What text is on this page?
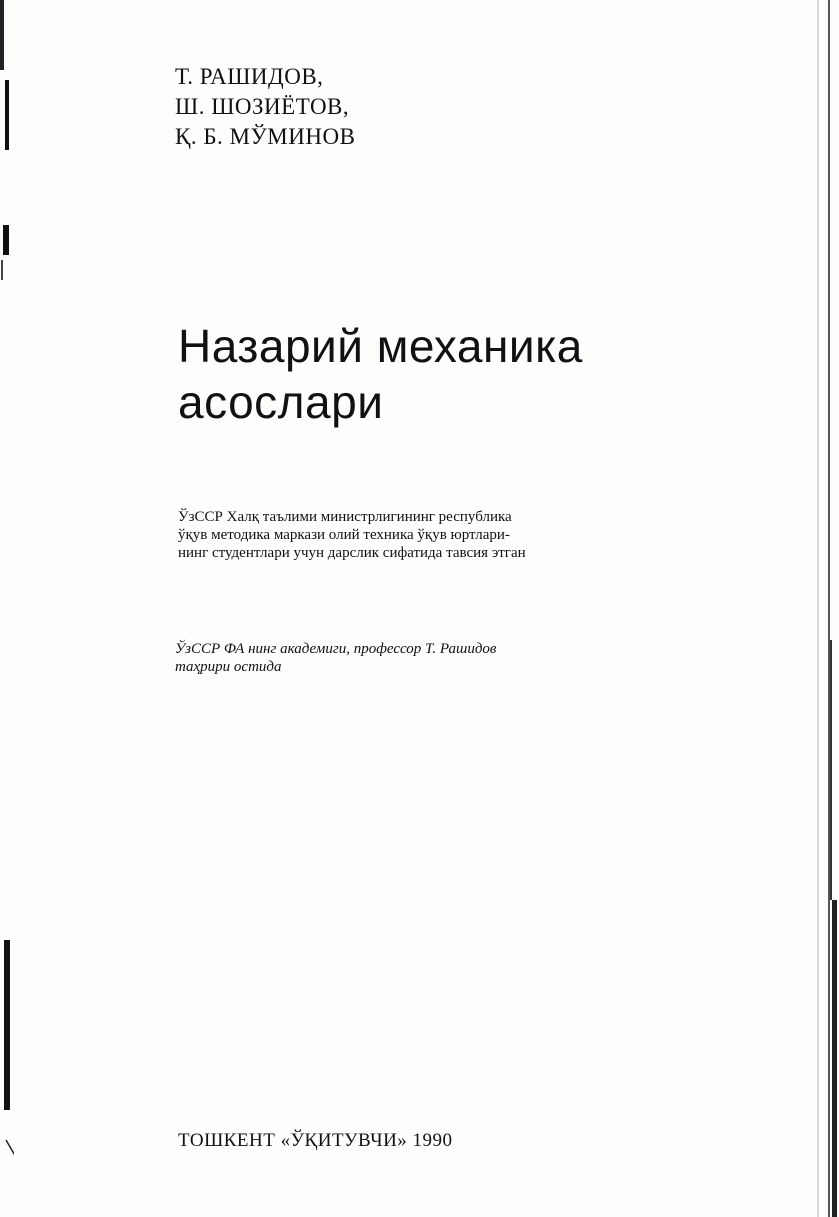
Т. РАШИДОВ,
Ш. ШОЗИЁТОВ,
Қ. Б. МЎМИНОВ
Назарий механика
асослари
ЎзССР Халқ таълими министрлигининг республика
ўқув методика маркази олий техника ўқув юртлари-
нинг студентлари учун дарслик сифатида тавсия этган
ЎзССР ФА нинг академиги, профессор Т. Рашидов
таҳрири остида
ТОШКЕНТ «ЎҚИТУВЧИ» 1990
